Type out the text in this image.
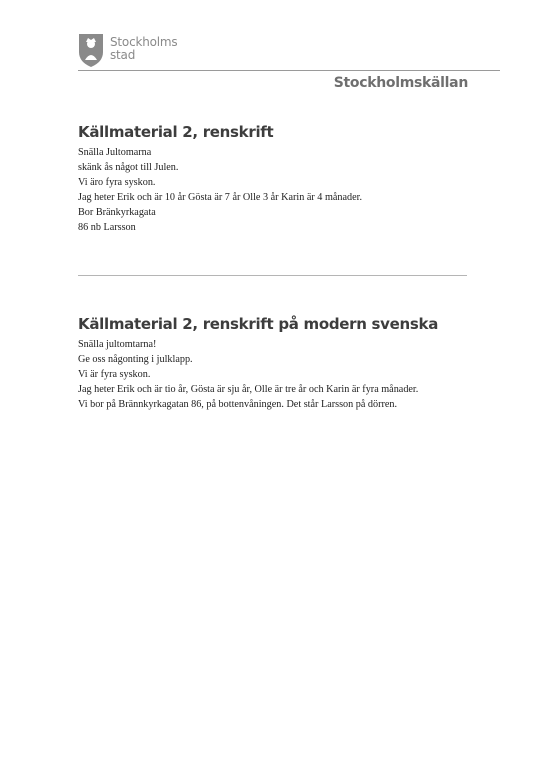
Stockholms
stad
Stockholmskällan
Källmaterial 2, renskrift
Snälla Jultomarna
skänk ås något till Julen.
Vi äro fyra syskon.
Jag heter Erik och är 10 år Gösta är 7 år Olle 3 år Karin är 4 månader.
Bor Bränkyrkagata
86 nb Larsson
Källmaterial 2, renskrift på modern svenska
Snälla jultomtarna!
Ge oss någonting i julklapp.
Vi är fyra syskon.
Jag heter Erik och är tio år, Gösta är sju år, Olle är tre år och Karin är fyra månader.
Vi bor på Brännkyrkagatan 86, på bottenvåningen. Det står Larsson på dörren.
